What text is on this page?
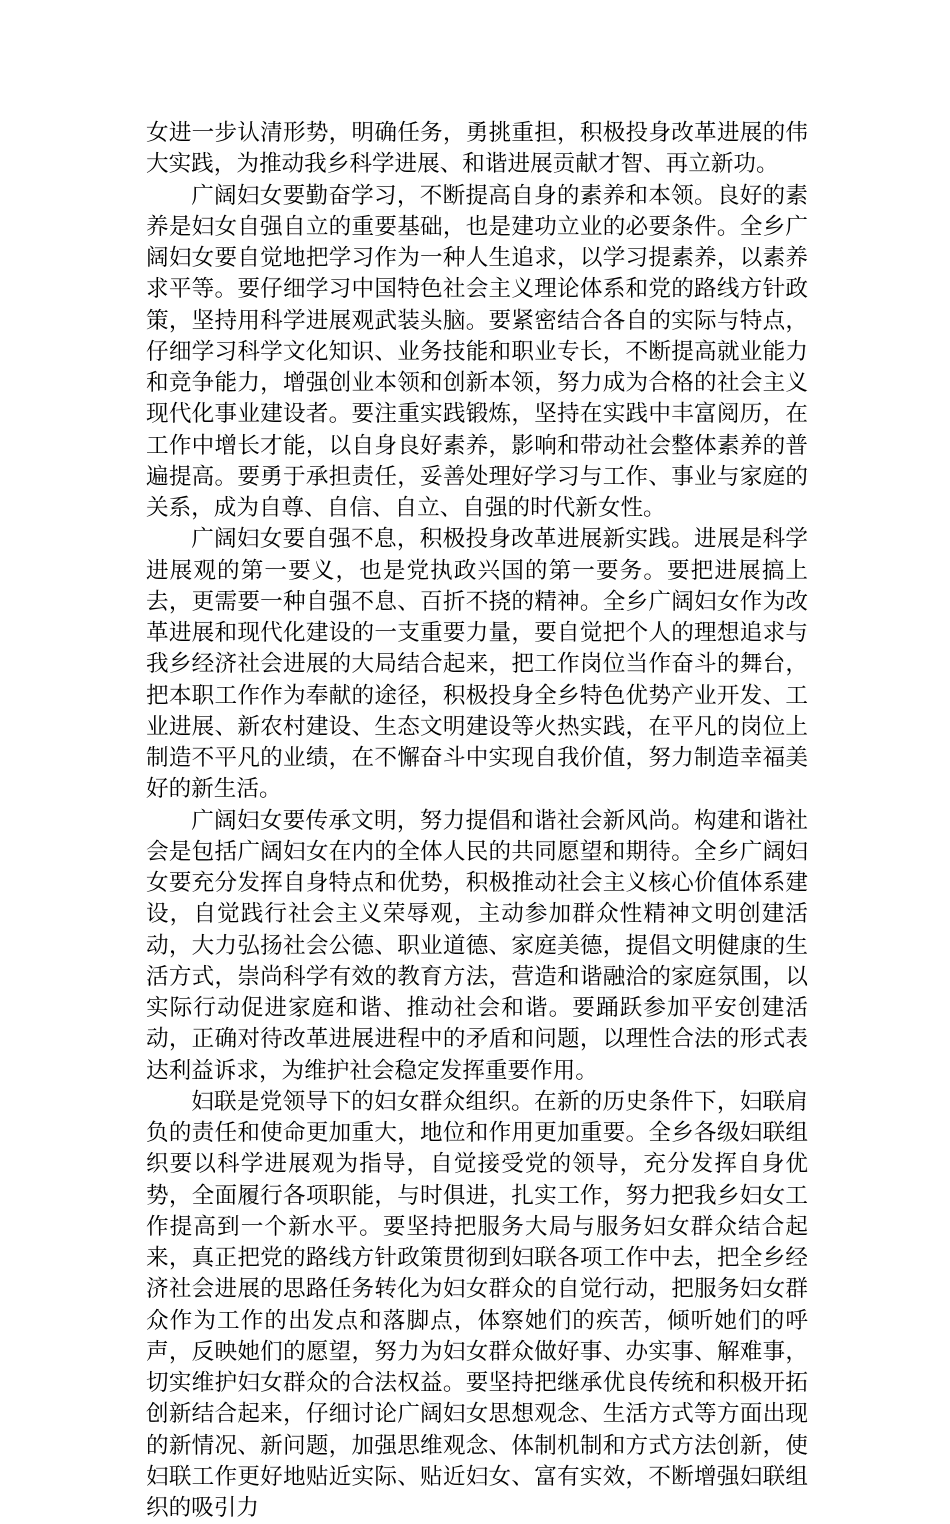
女进一步认清形势，明确任务，勇挑重担，积极投身改革进展的伟大实践，为推动我乡科学进展、和谐进展贡献才智、再立新功。

广阔妇女要勤奋学习，不断提高自身的素养和本领。良好的素养是妇女自强自立的重要基础，也是建功立业的必要条件。全乡广阔妇女要自觉地把学习作为一种人生追求，以学习提素养，以素养求平等。要仔细学习中国特色社会主义理论体系和党的路线方针政策，坚持用科学进展观武装头脑。要紧密结合各自的实际与特点，仔细学习科学文化知识、业务技能和职业专长，不断提高就业能力和竞争能力，增强创业本领和创新本领，努力成为合格的社会主义现代化事业建设者。要注重实践锻炼，坚持在实践中丰富阅历，在工作中增长才能，以自身良好素养，影响和带动社会整体素养的普遍提高。要勇于承担责任，妥善处理好学习与工作、事业与家庭的关系，成为自尊、自信、自立、自强的时代新女性。

广阔妇女要自强不息，积极投身改革进展新实践。进展是科学进展观的第一要义，也是党执政兴国的第一要务。要把进展搞上去，更需要一种自强不息、百折不挠的精神。全乡广阔妇女作为改革进展和现代化建设的一支重要力量，要自觉把个人的理想追求与我乡经济社会进展的大局结合起来，把工作岗位当作奋斗的舞台，把本职工作作为奉献的途径，积极投身全乡特色优势产业开发、工业进展、新农村建设、生态文明建设等火热实践，在平凡的岗位上制造不平凡的业绩，在不懈奋斗中实现自我价值，努力制造幸福美好的新生活。

广阔妇女要传承文明，努力提倡和谐社会新风尚。构建和谐社会是包括广阔妇女在内的全体人民的共同愿望和期待。全乡广阔妇女要充分发挥自身特点和优势，积极推动社会主义核心价值体系建设，自觉践行社会主义荣辱观，主动参加群众性精神文明创建活动，大力弘扬社会公德、职业道德、家庭美德，提倡文明健康的生活方式，崇尚科学有效的教育方法，营造和谐融洽的家庭氛围，以实际行动促进家庭和谐、推动社会和谐。要踊跃参加平安创建活动，正确对待改革进展进程中的矛盾和问题，以理性合法的形式表达利益诉求，为维护社会稳定发挥重要作用。

妇联是党领导下的妇女群众组织。在新的历史条件下，妇联肩负的责任和使命更加重大，地位和作用更加重要。全乡各级妇联组织要以科学进展观为指导，自觉接受党的领导，充分发挥自身优势，全面履行各项职能，与时俱进，扎实工作，努力把我乡妇女工作提高到一个新水平。要坚持把服务大局与服务妇女群众结合起来，真正把党的路线方针政策贯彻到妇联各项工作中去，把全乡经济社会进展的思路任务转化为妇女群众的自觉行动，把服务妇女群众作为工作的出发点和落脚点，体察她们的疾苦，倾听她们的呼声，反映她们的愿望，努力为妇女群众做好事、办实事、解难事，切实维护妇女群众的合法权益。要坚持把继承优良传统和积极开拓创新结合起来，仔细讨论广阔妇女思想观念、生活方式等方面出现的新情况、新问题，加强思维观念、体制机制和方式方法创新，使妇联工作更好地贴近实际、贴近妇女、富有实效，不断增强妇联组织的吸引力
